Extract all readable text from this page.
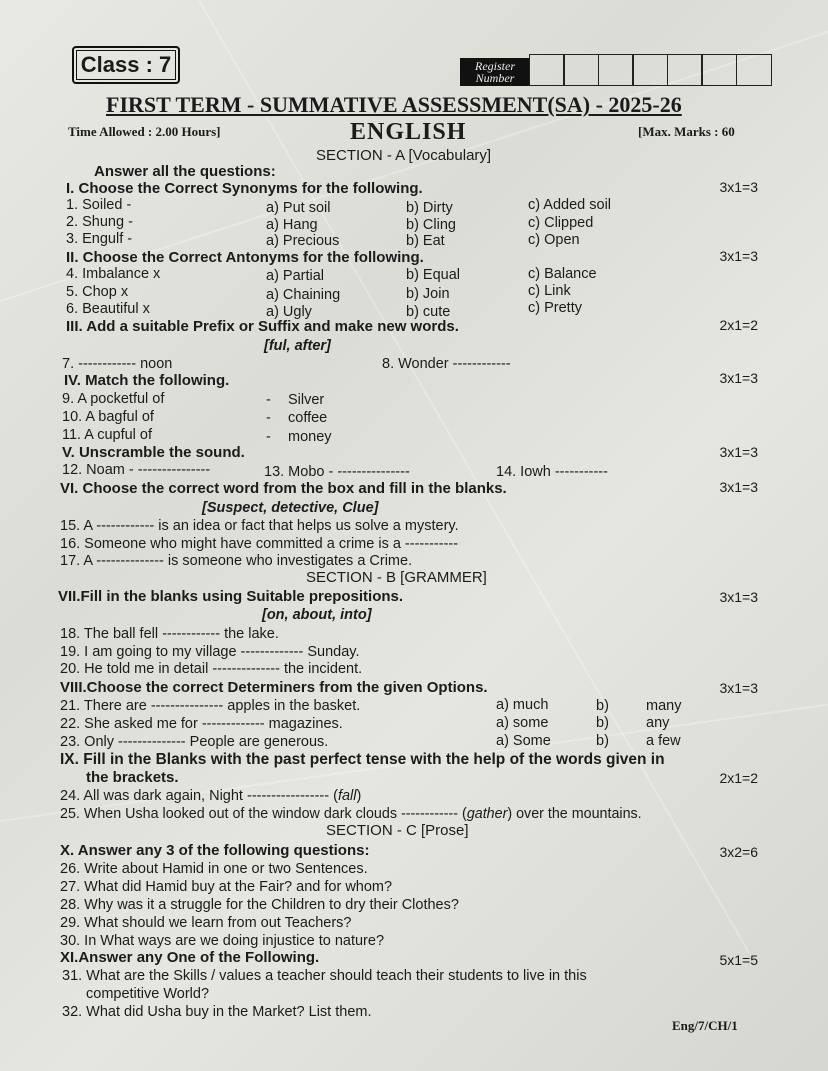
Class : 7	Register Number
FIRST TERM - SUMMATIVE ASSESSMENT(SA) - 2025-26
Time Allowed : 2.00 Hours]	ENGLISH	[Max. Marks : 60
SECTION - A [Vocabulary]
Answer all the questions:
I. Choose the Correct Synonyms for the following.	3x1=3
1. Soiled -	a) Put soil	b) Dirty	c) Added soil
2. Shung -	a) Hang	b) Cling	c) Clipped
3. Engulf -	a) Precious	b) Eat	c) Open
II. Choose the Correct Antonyms for the following.	3x1=3
4. Imbalance x	a) Partial	b) Equal	c) Balance
5. Chop x	a) Chaining	b) Join	c) Link
6. Beautiful x	a) Ugly	b) cute	c) Pretty
III. Add a suitable Prefix or Suffix and make new words.	2x1=2
[ful, after]
7. ------------ noon	8. Wonder ------------
IV. Match the following.	3x1=3
9. A pocketful of	- Silver
10. A bagful of	- coffee
11. A cupful of	- money
V. Unscramble the sound.	3x1=3
12. Noam - ---------------	13. Mobo - ---------------	14. Iowh -----------
VI. Choose the correct word from the box and fill in the blanks.	3x1=3
[Suspect, detective, Clue]
15. A ------------ is an idea or fact that helps us solve a mystery.
16. Someone who might have committed a crime is a -----------
17. A -------------- is someone who investigates a Crime.
SECTION - B [GRAMMER]
VII.Fill in the blanks using Suitable prepositions.	3x1=3
[on, about, into]
18. The ball fell ------------ the lake.
19. I am going to my village ------------- Sunday.
20. He told me in detail -------------- the incident.
VIII.Choose the correct Determiners from the given Options.	3x1=3
21. There are --------------- apples in the basket.	a) much	b)	many
22. She asked me for ------------- magazines.	a) some	b)	any
23. Only -------------- People are generous.	a) Some	b)	a few
IX. Fill in the Blanks with the past perfect tense with the help of the words given in
the brackets.	2x1=2
24. All was dark again, Night ----------------- (fall)
25. When Usha looked out of the window dark clouds ------------ (gather) over the mountains.
SECTION - C [Prose]
X. Answer any 3 of the following questions:	3x2=6
26. Write about Hamid in one or two Sentences.
27. What did Hamid buy at the Fair? and for whom?
28. Why was it a struggle for the Children to dry their Clothes?
29. What should we learn from out Teachers?
30. In What ways are we doing injustice to nature?
XI.Answer any One of the Following.	5x1=5
31. What are the Skills / values a teacher should teach their students to live in this
competitive World?
32. What did Usha buy in the Market? List them.
Eng/7/CH/1
